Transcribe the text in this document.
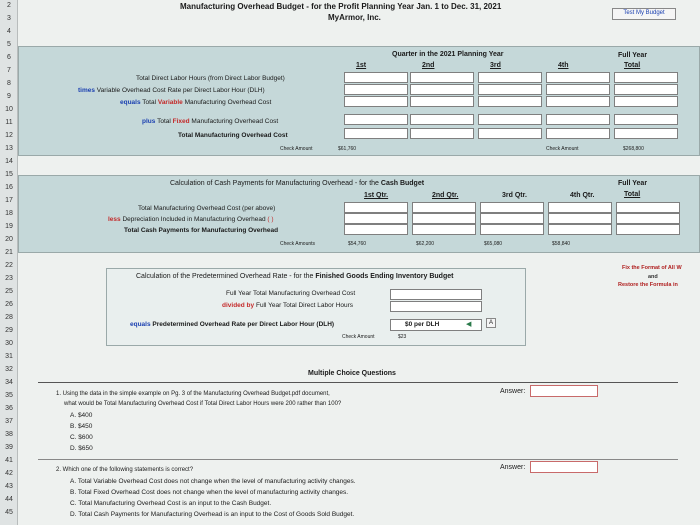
2
3
4
5
6
7
8
9
10
11
12
13
14
15
16
17
18
19
20
21
22
23
25
26
28
29
30
31
32
34
35
36
37
38
39
41
42
43
44
45
Manufacturing Overhead Budget - for the Profit Planning Year Jan. 1 to Dec. 31, 2021
MyArmor, Inc.	Test My Budget
Quarter in the 2021 Planning Year
1st	2nd	3rd	4th
Full Year
Total
Total Direct Labor Hours (from Direct Labor Budget)
times Variable Overhead Cost Rate per Direct Labor Hour (DLH)
equals Total Variable Manufacturing Overhead Cost
plus Total Fixed Manufacturing Overhead Cost
Total Manufacturing Overhead Cost
Check Amount	$61,760	Check Amount	$268,800
Calculation of Cash Payments for Manufacturing Overhead - for the Cash Budget
1st Qtr.	2nd Qtr.	3rd Qtr.	4th Qtr.
Full Year
Total
Total Manufacturing Overhead Cost (per above)
less Depreciation Included in Manufacturing Overhead ( )
Total Cash Payments for Manufacturing Overhead
Check Amounts	$54,760	$62,200	$65,080	$58,840
Calculation of the Predetermined Overhead Rate - for the Finished Goods Ending Inventory Budget
Full Year Total Manufacturing Overhead Cost
divided by Full Year Total Direct Labor Hours
equals Predetermined Overhead Rate per Direct Labor Hour (DLH)	$0 per DLH	◀	A
Check Amount	$23
Fix the Format of All W
and
Restore the Formula in
Multiple Choice Questions
Answer:
1. Using the data in the simple example on Pg. 3 of the Manufacturing Overhead Budget.pdf document,
what would be Total Manufacturing Overhead Cost if Total Direct Labor Hours were 200 rather than 100?
A. $400
B. $450
C. $600
D. $650
Answer:
2. Which one of the following statements is correct?
A. Total Variable Overhead Cost does not change when the level of manufacturing activity changes.
B. Total Fixed Overhead Cost does not change when the level of manufacturing activity changes.
C. Total Manufacturing Overhead Cost is an input to the Cash Budget.
D. Total Cash Payments for Manufacturing Overhead is an input to the Cost of Goods Sold Budget.
